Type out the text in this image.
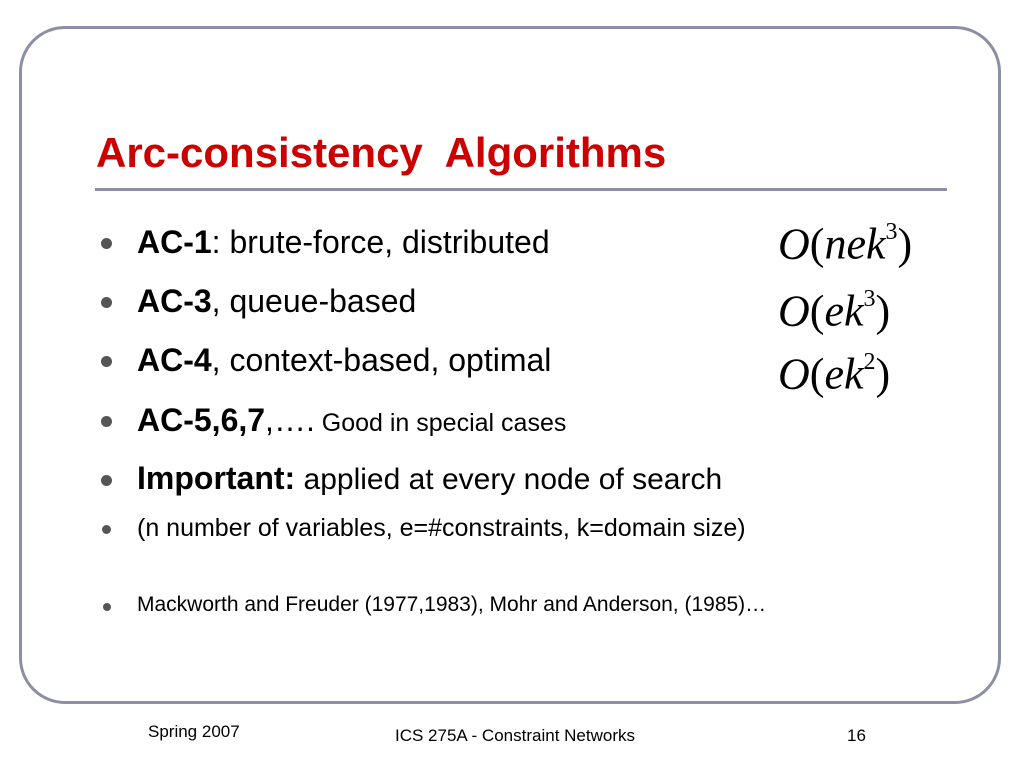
Arc-consistency  Algorithms
AC-1: brute-force, distributed
AC-3, queue-based
AC-4, context-based, optimal
AC-5,6,7,…. Good in special cases
Important: applied at every node of search
(n number of variables, e=#constraints, k=domain size)
Mackworth and Freuder (1977,1983), Mohr and Anderson, (1985)…
O(nek$^3$)
$O(ek^3)$
$O(ek^2)$
Spring 2007	ICS 275A - Constraint Networks	16
